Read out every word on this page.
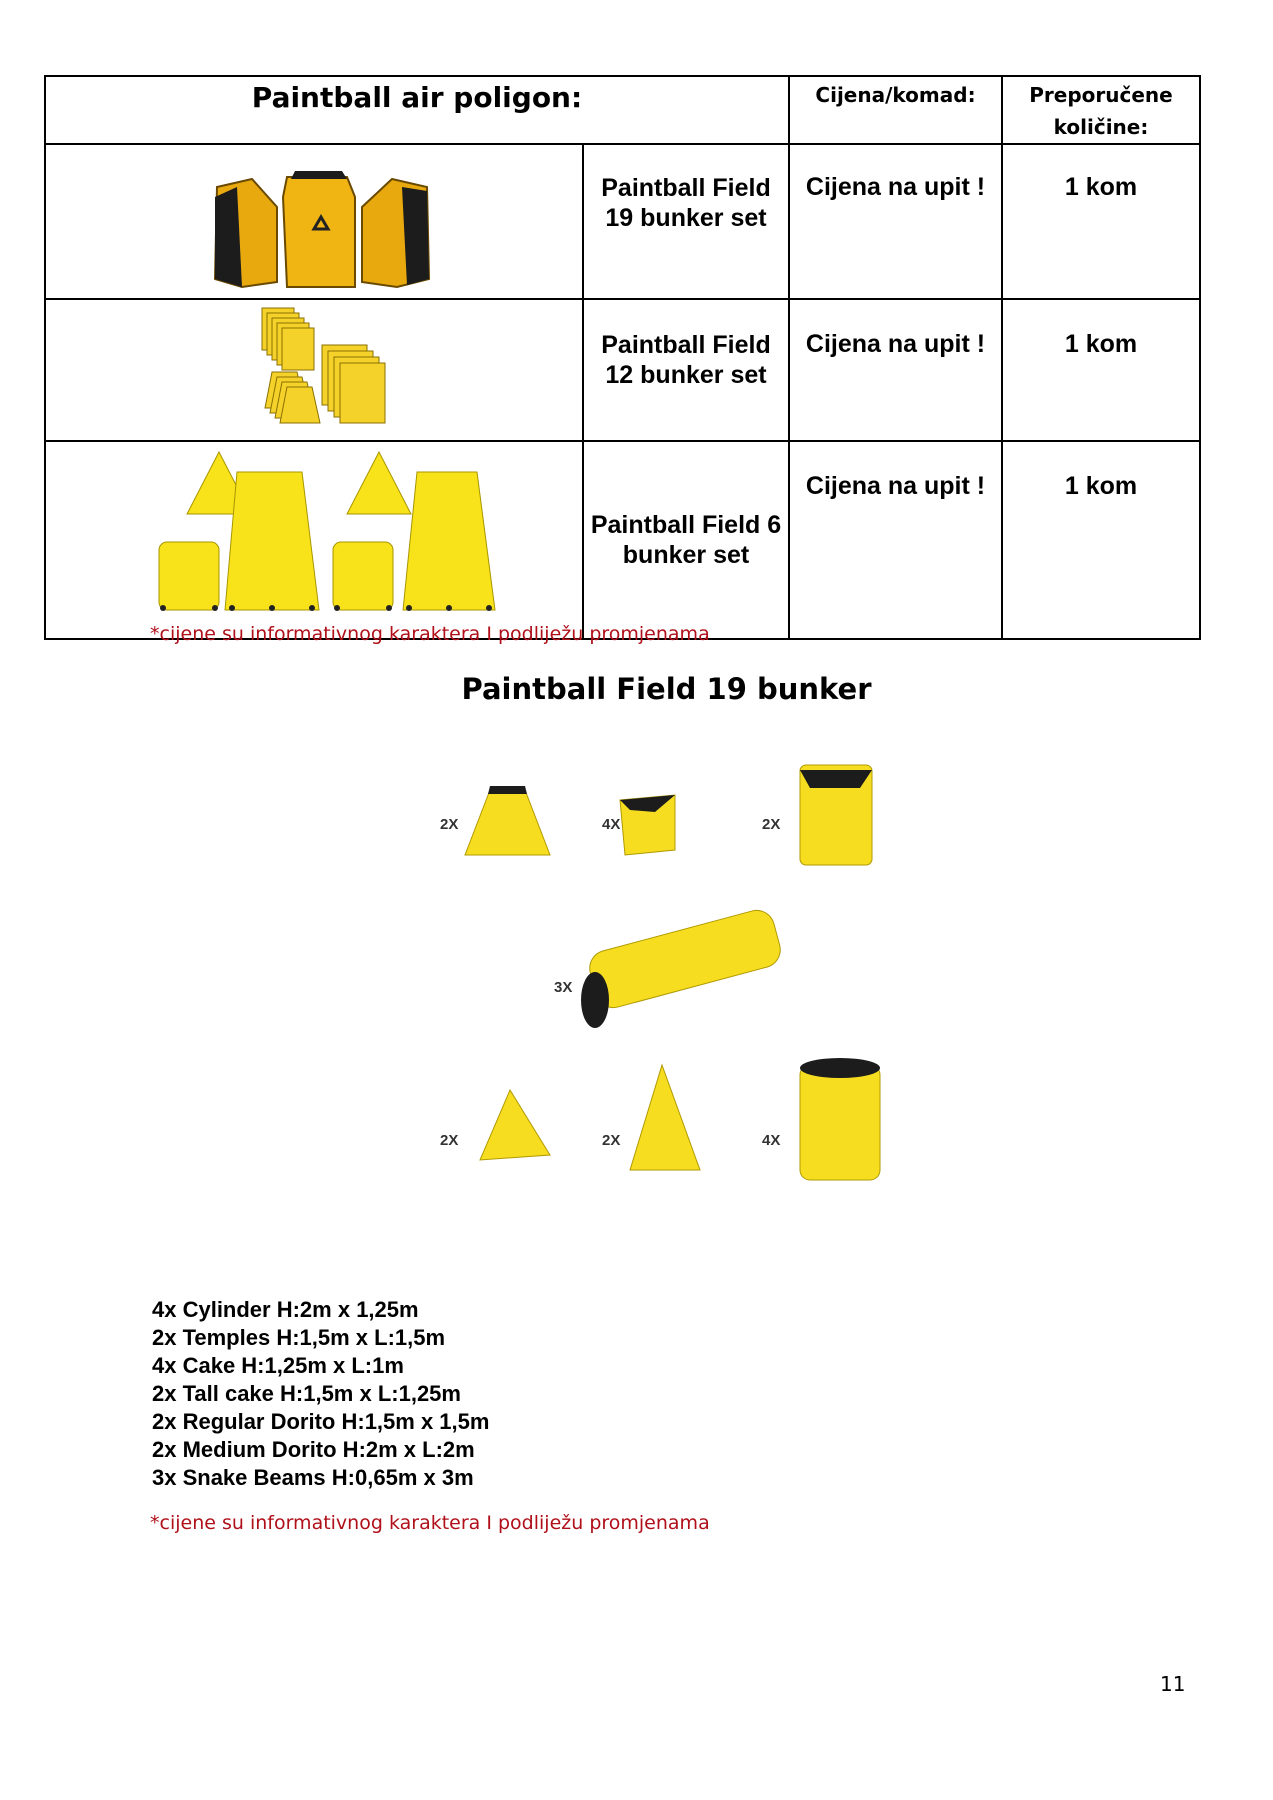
Paintball air poligon:		Cijena/komad:	Preporučene količine:
	Paintball Field 19 bunker set	Cijena na upit !	1 kom
	Paintball Field 12 bunker set	Cijena na upit !	1 kom
	Paintball Field 6 bunker set	Cijena na upit !	1 kom
*cijene su informativnog karaktera I podliježu promjenama
Paintball Field 19 bunker
2X	4X	2X
3X
2X	2X	4X
4x Cylinder H:2m x 1,25m
2x Temples H:1,5m x L:1,5m
4x Cake H:1,25m x L:1m
2x Tall cake H:1,5m x L:1,25m
2x Regular Dorito H:1,5m x 1,5m
2x Medium Dorito H:2m x L:2m
3x Snake Beams H:0,65m x 3m
*cijene su informativnog karaktera I podliježu promjenama
11
